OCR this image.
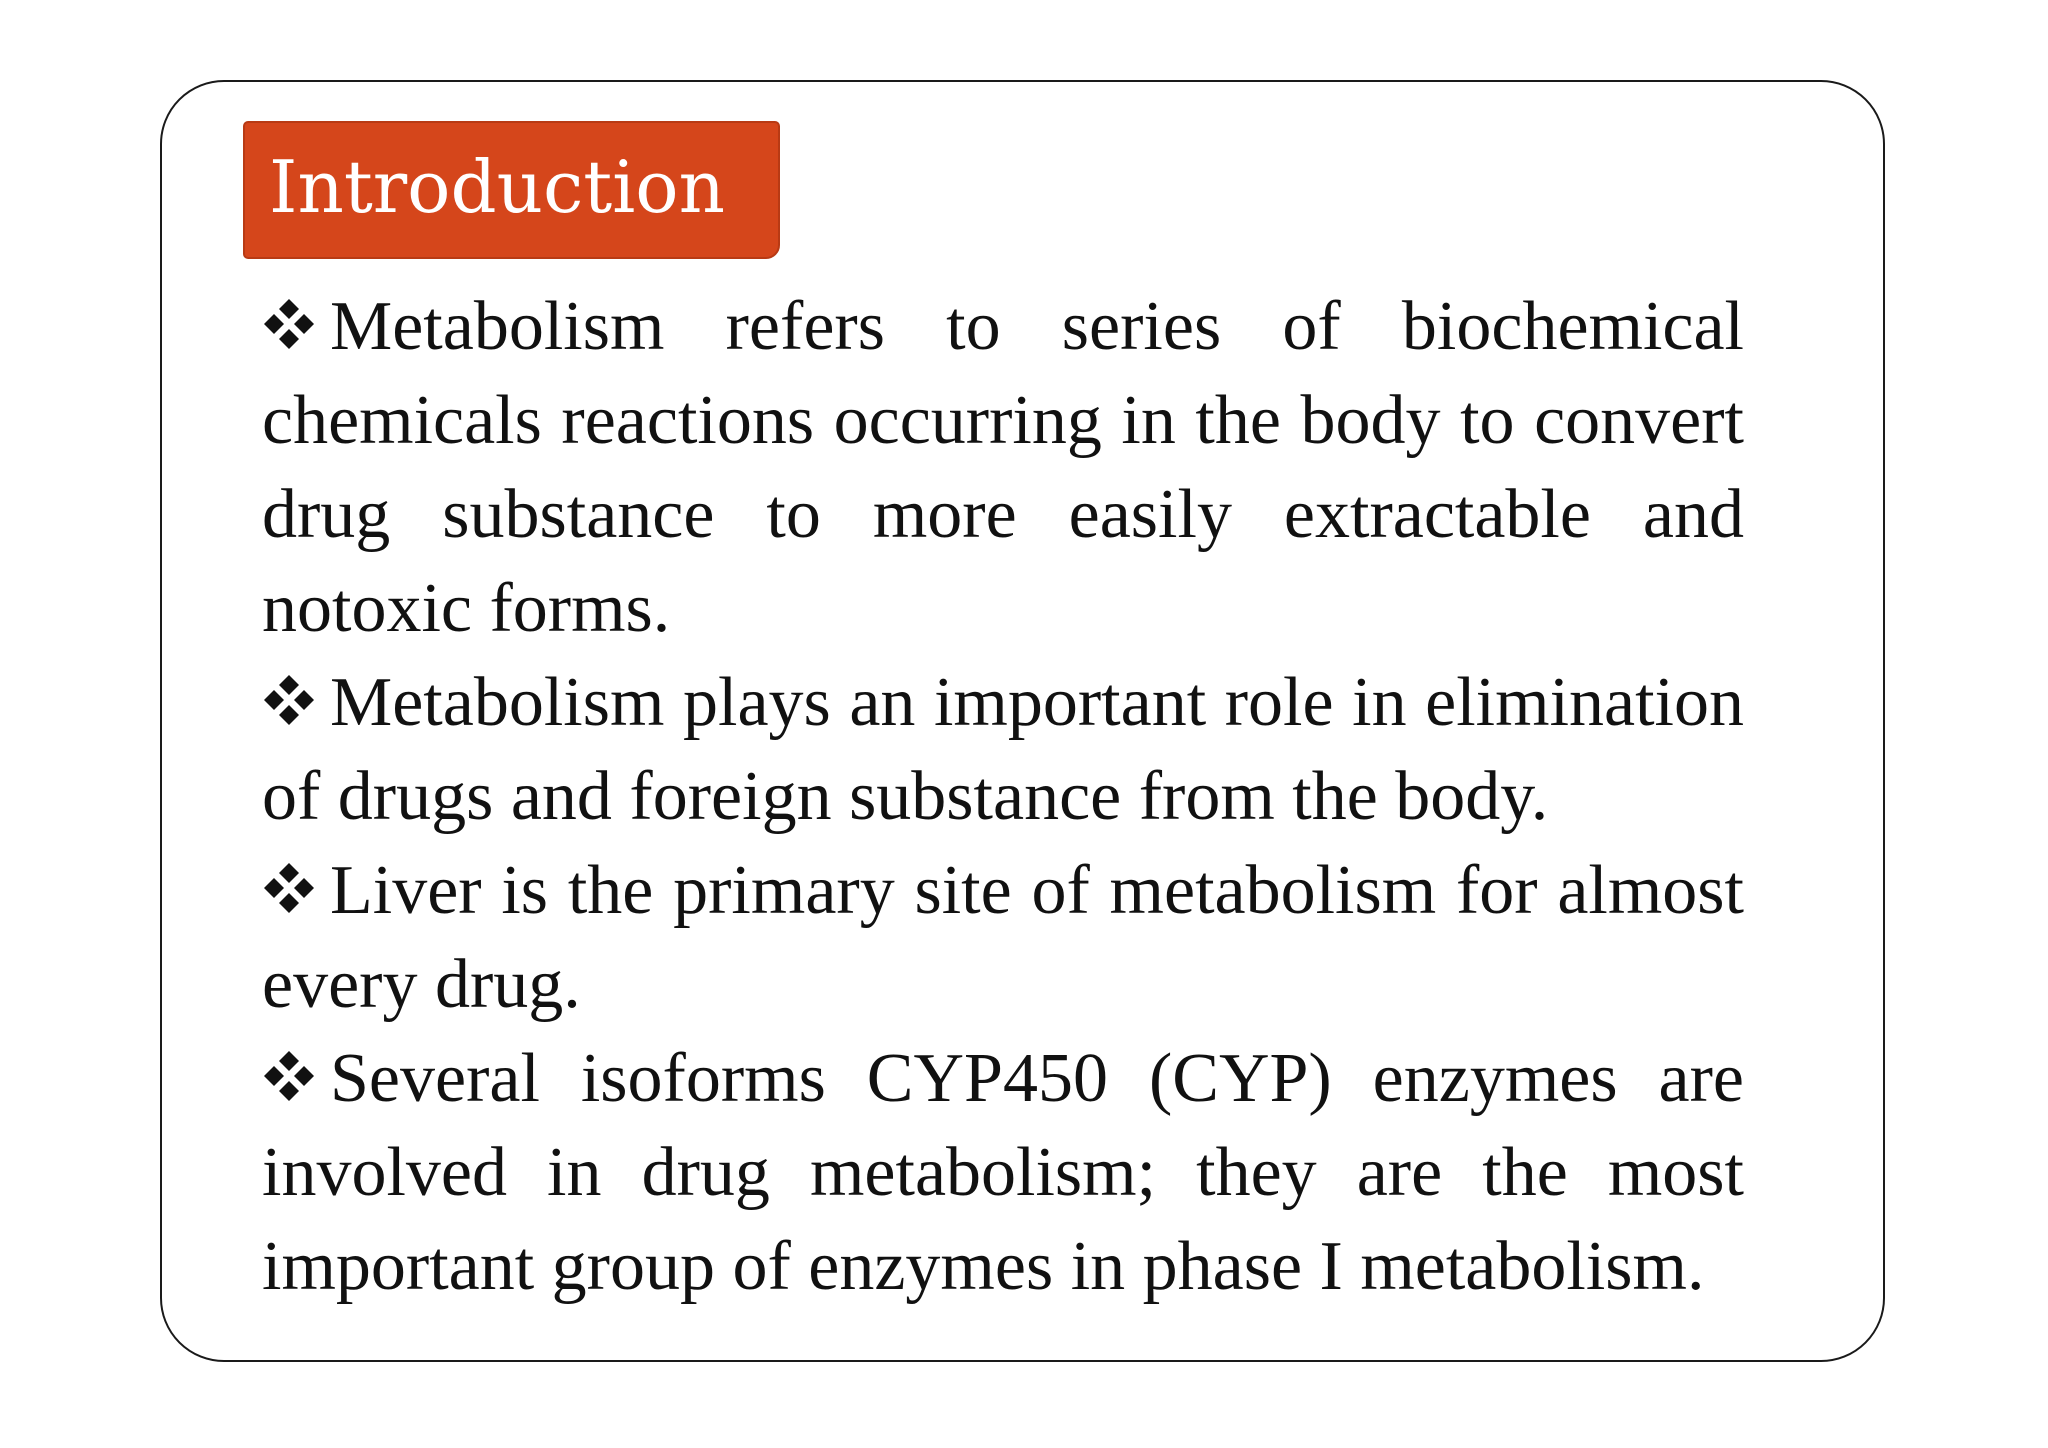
Introduction

Metabolism refers to series of biochemical chemicals reactions occurring in the body to convert drug substance to more easily extractable and notoxic forms.

Metabolism plays an important role in elimination of drugs and foreign substance from the body.

Liver is the primary site of metabolism for almost every drug.

Several isoforms CYP450 (CYP) enzymes are involved in drug metabolism; they are the most important group of enzymes in phase I metabolism.
